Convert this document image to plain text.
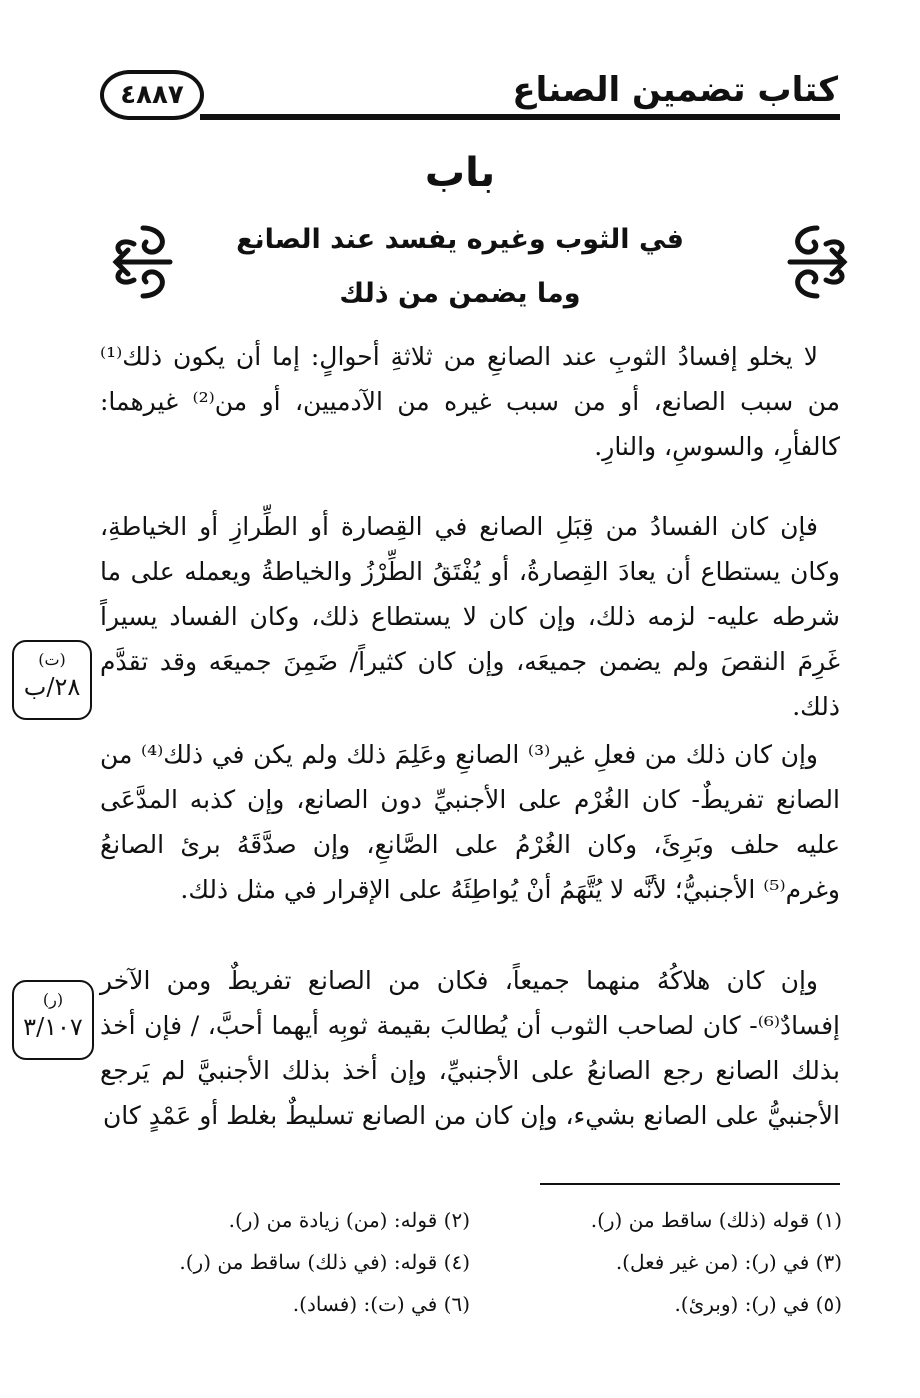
كتاب تضمين الصناع
٤٨٨٧
باب
في الثوب وغيره يفسد عند الصانع
وما يضمن من ذلك

لا يخلو إفسادُ الثوبِ عند الصانعِ من ثلاثةِ أحوالٍ: إما أن يكون ذلك⁽¹⁾ من سبب الصانع، أو من سبب غيره من الآدميين، أو من⁽²⁾ غيرهما: كالفأرِ، والسوسِ، والنارِ.

فإن كان الفسادُ من قِبَلِ الصانع في القِصارة أو الطِّرازِ أو الخياطةِ، وكان يستطاع أن يعادَ القِصارةُ، أو يُفْتَقُ الطِّرْزُ والخياطةُ ويعمله على ما شرطه عليه- لزمه ذلك، وإن كان لا يستطاع ذلك، وكان الفساد يسيراً غَرِمَ النقصَ ولم يضمن جميعَه، وإن كان كثيراً/ ضَمِنَ جميعَه وقد تقدَّم ذلك.

وإن كان ذلك من فعلِ غير⁽³⁾ الصانعِ وعَلِمَ ذلك ولم يكن في ذلك⁽⁴⁾ من الصانع تفريطٌ- كان الغُرْم على الأجنبيِّ دون الصانع، وإن كذبه المدَّعَى عليه حلف وبَرِئَ، وكان الغُرْمُ على الصَّانعِ، وإن صدَّقَهُ برئ الصانعُ وغرم⁽⁵⁾ الأجنبيُّ؛ لأنَّه لا يُتَّهَمُ أنْ يُواطِئَهُ على الإقرار في مثل ذلك.

وإن كان هلاكُهُ منهما جميعاً، فكان من الصانع تفريطٌ ومن الآخر إفسادٌ⁽⁶⁾- كان لصاحب الثوب أن يُطالبَ بقيمة ثوبِه أيهما أحبَّ، / فإن أخذ بذلك الصانع رجع الصانعُ على الأجنبيِّ، وإن أخذ بذلك الأجنبيَّ لم يَرجع الأجنبيُّ على الصانع بشيء، وإن كان من الصانع تسليطٌ بغلط أو عَمْدٍ كان

(ت)
٢٨/ب
(ر)
٣/١٠٧
(١) قوله (ذلك) ساقط من (ر).
(٢) قوله: (من) زيادة من (ر).
(٣) في (ر): (من غير فعل).
(٤) قوله: (في ذلك) ساقط من (ر).
(٥) في (ر): (وبرئ).
(٦) في (ت): (فساد).
